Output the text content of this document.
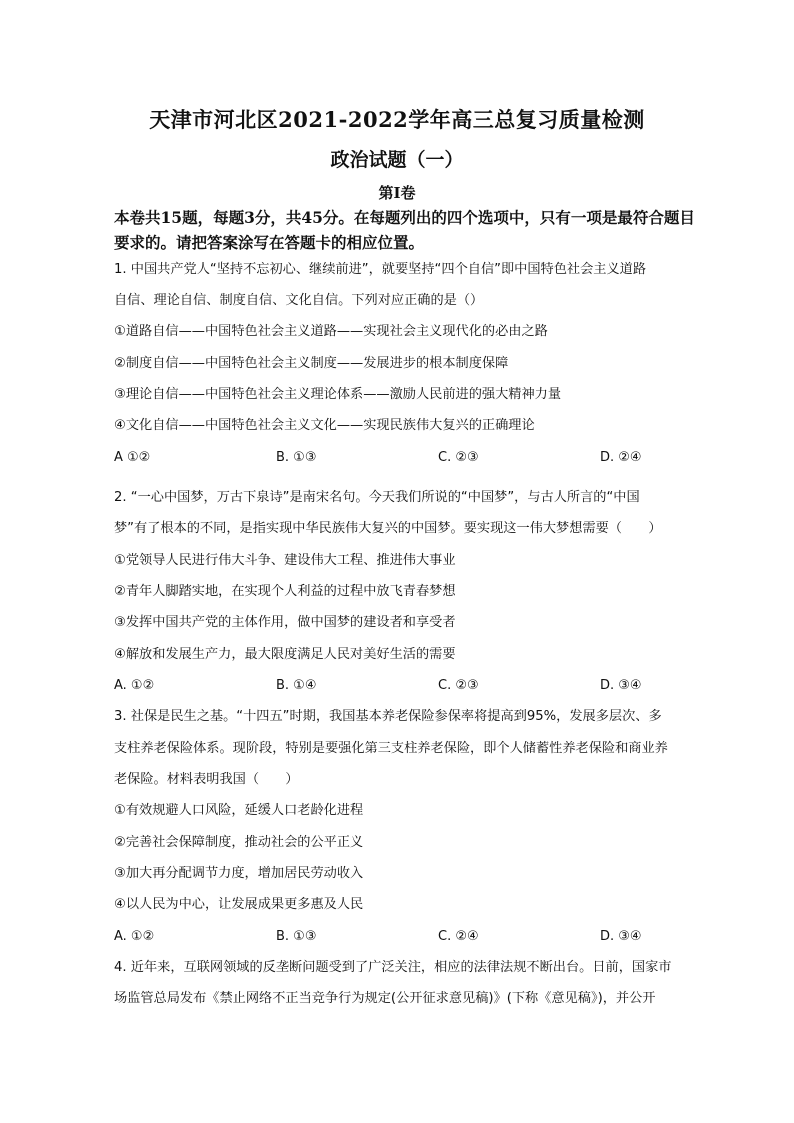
天津市河北区2021-2022学年高三总复习质量检测
政治试题（一）
第Ⅰ卷
本卷共15题，每题3分，共45分。在每题列出的四个选项中，只有一项是最符合题目要求的。请把答案涂写在答题卡的相应位置。
1. 中国共产党人“坚持不忘初心、继续前进”，就要坚持“四个自信”即中国特色社会主义道路
自信、理论自信、制度自信、文化自信。下列对应正确的是（）
①道路自信——中国特色社会主义道路——实现社会主义现代化的必由之路
②制度自信——中国特色社会主义制度——发展进步的根本制度保障
③理论自信——中国特色社会主义理论体系——激励人民前进的强大精神力量
④文化自信——中国特色社会主义文化——实现民族伟大复兴的正确理论
A ①②	B. ①③	C. ②③	D. ②④
2. “一心中国梦，万古下泉诗”是南宋名句。今天我们所说的“中国梦”，与古人所言的“中国
梦”有了根本的不同，是指实现中华民族伟大复兴的中国梦。要实现这一伟大梦想需要（　　）
①党领导人民进行伟大斗争、建设伟大工程、推进伟大事业
②青年人脚踏实地，在实现个人利益的过程中放飞青春梦想
③发挥中国共产党的主体作用，做中国梦的建设者和享受者
④解放和发展生产力，最大限度满足人民对美好生活的需要
A. ①②	B. ①④	C. ②③	D. ③④
3. 社保是民生之基。“十四五”时期，我国基本养老保险参保率将提高到95%，发展多层次、多
支柱养老保险体系。现阶段，特别是要强化第三支柱养老保险，即个人储蓄性养老保险和商业养
老保险。材料表明我国（　　）
①有效规避人口风险，延缓人口老龄化进程
②完善社会保障制度，推动社会的公平正义
③加大再分配调节力度，增加居民劳动收入
④以人民为中心，让发展成果更多惠及人民
A. ①②	B. ①③	C. ②④	D. ③④
4. 近年来，互联网领域的反垄断问题受到了广泛关注，相应的法律法规不断出台。日前，国家市
场监管总局发布《禁止网络不正当竞争行为规定(公开征求意见稿)》(下称《意见稿》)，并公开
